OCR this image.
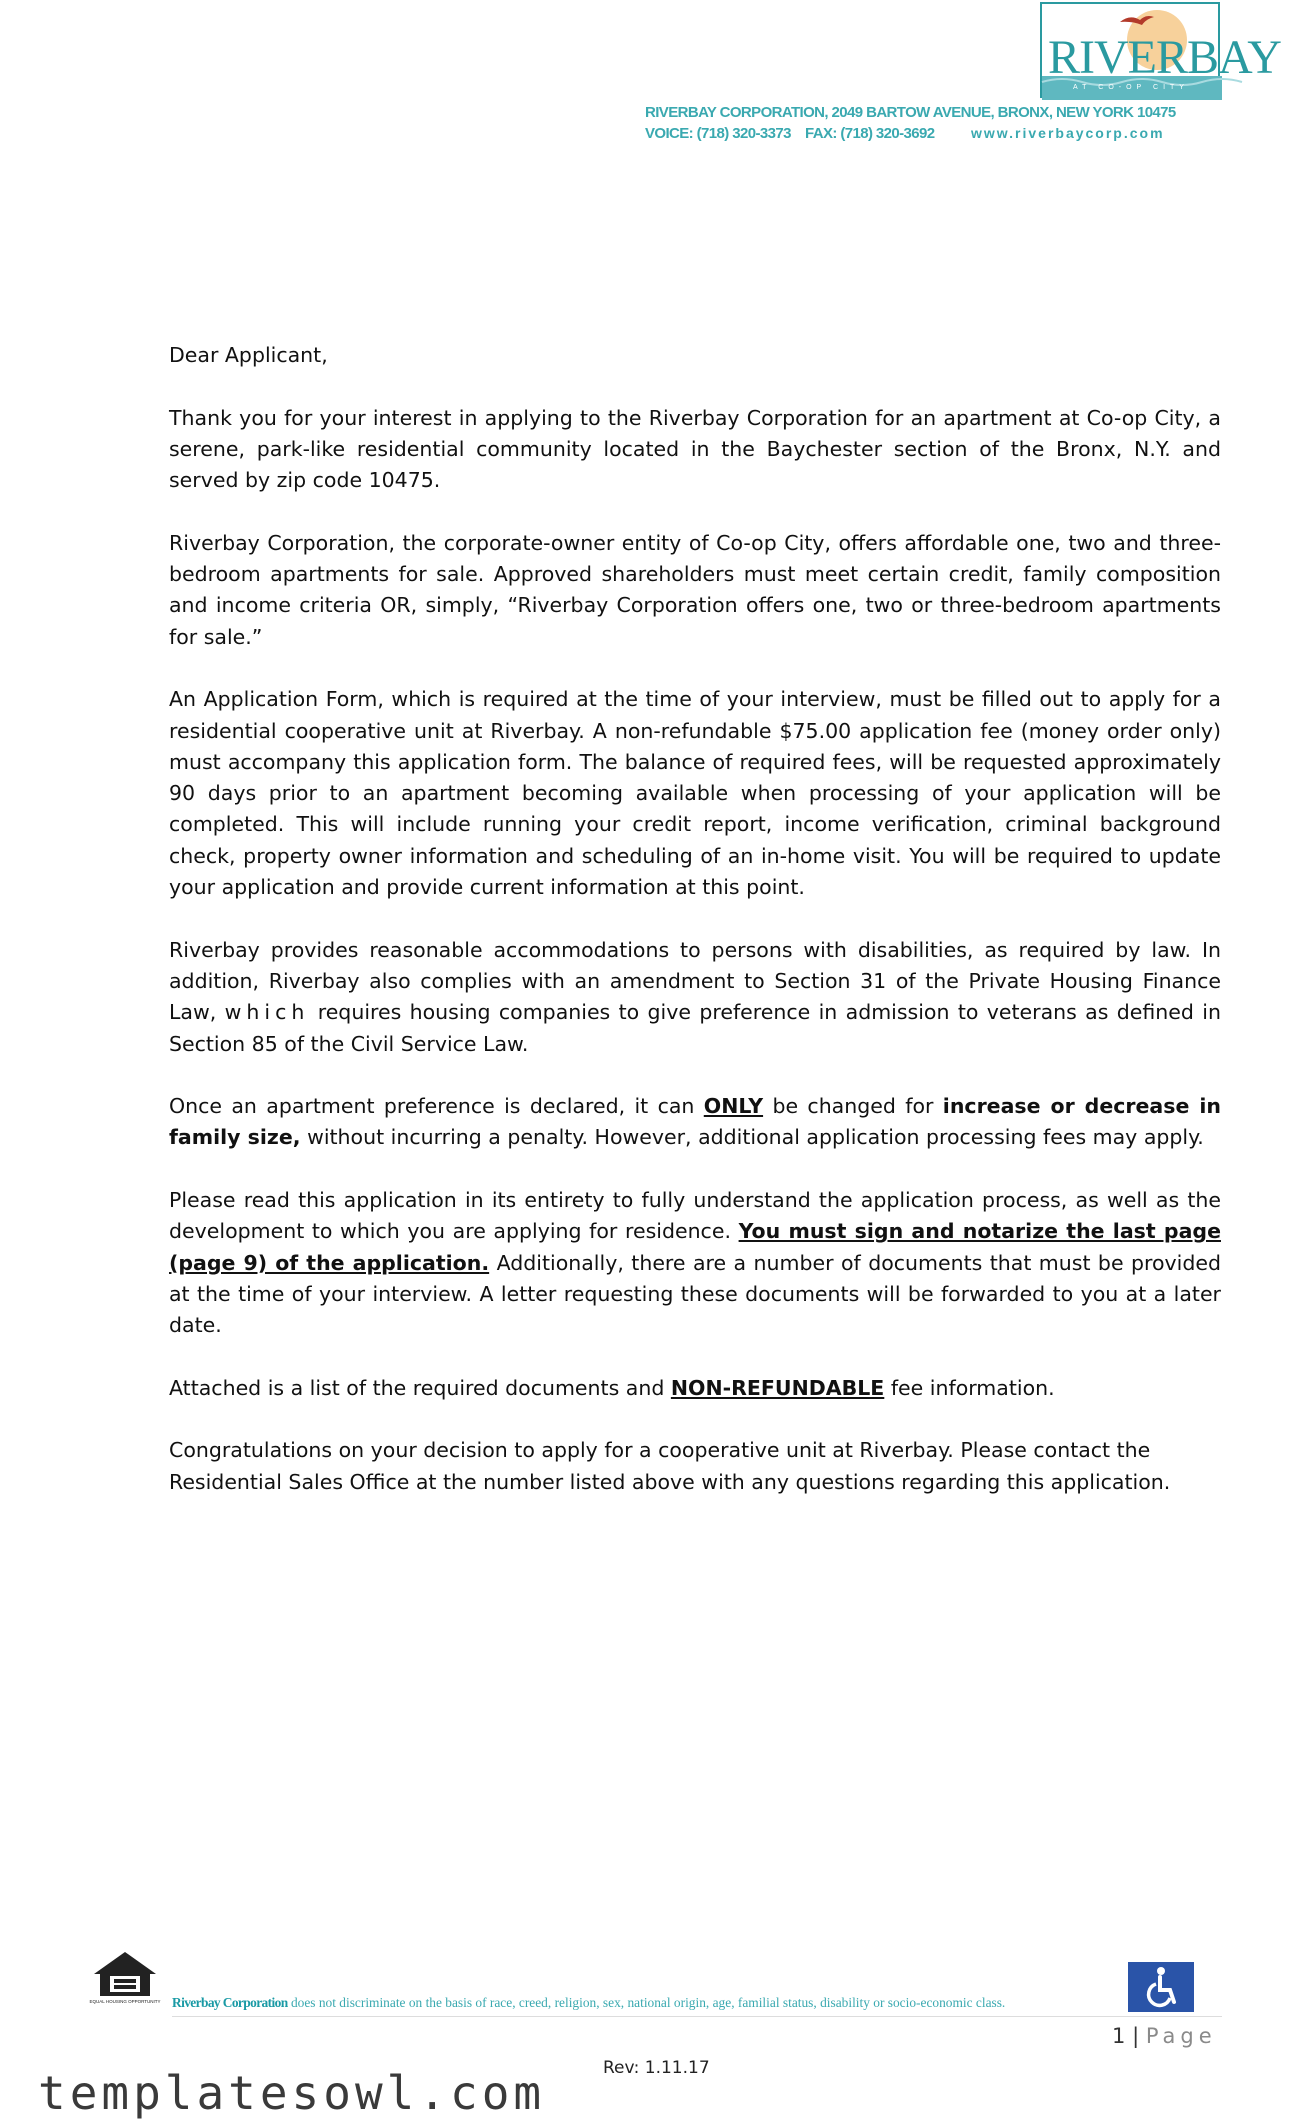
RIVERBAY
AT CO-OP CITY
RIVERBAY CORPORATION, 2049 BARTOW AVENUE, BRONX, NEW YORK 10475
VOICE: (718) 320-3373 FAX: (718) 320-3692	www.riverbaycorp.com

Dear Applicant,

Thank you for your interest in applying to the Riverbay Corporation for an apartment at Co-op City, a serene, park-like residential community located in the Baychester section of the Bronx, N.Y. and served by zip code 10475.

Riverbay Corporation, the corporate-owner entity of Co-op City, offers affordable one, two and three-bedroom apartments for sale. Approved shareholders must meet certain credit, family composition and income criteria OR, simply, “Riverbay Corporation offers one, two or three-bedroom apartments for sale.”

An Application Form, which is required at the time of your interview, must be filled out to apply for a residential cooperative unit at Riverbay. A non-refundable $75.00 application fee (money order only) must accompany this application form. The balance of required fees, will be requested approximately 90 days prior to an apartment becoming available when processing of your application will be completed. This will include running your credit report, income verification, criminal background check, property owner information and scheduling of an in-home visit. You will be required to update your application and provide current information at this point.

Riverbay provides reasonable accommodations to persons with disabilities, as required by law. In addition, Riverbay also complies with an amendment to Section 31 of the Private Housing Finance Law, which requires housing companies to give preference in admission to veterans as defined in Section 85 of the Civil Service Law.

Once an apartment preference is declared, it can ONLY be changed for increase or decrease in family size, without incurring a penalty. However, additional application processing fees may apply.

Please read this application in its entirety to fully understand the application process, as well as the development to which you are applying for residence. You must sign and notarize the last page (page 9) of the application. Additionally, there are a number of documents that must be provided at the time of your interview. A letter requesting these documents will be forwarded to you at a later date.

Attached is a list of the required documents and NON-REFUNDABLE fee information.

Congratulations on your decision to apply for a cooperative unit at Riverbay. Please contact the Residential Sales Office at the number listed above with any questions regarding this application.

EQUAL HOUSING OPPORTUNITY Riverbay Corporation does not discriminate on the basis of race, creed, religion, sex, national origin, age, familial status, disability or socio-economic class.
1 | Page
Rev: 1.11.17
templatesowl.com
